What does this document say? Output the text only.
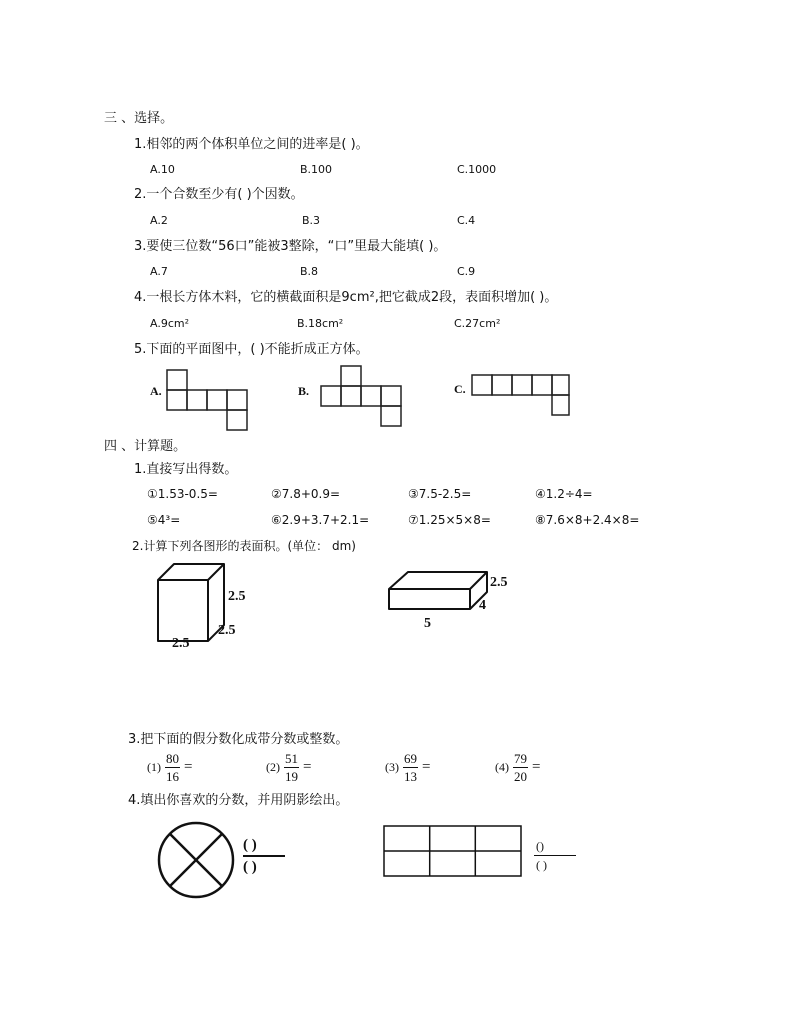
三 、选择。
1.相邻的两个体积单位之间的进率是( )。
A.10	B.100	C.1000
2.一个合数至少有( )个因数。
A.2	B.3	C.4
3.要使三位数“56口”能被3整除，“口”里最大能填( )。
A.7	B.8	C.9
4.一根长方体木料，它的横截面积是9cm²,把它截成2段，表面积增加( )。
A.9cm²	B.18cm²	C.27cm²
5.下面的平面图中，( )不能折成正方体。
A.	B.	C.
四 、计算题。
1.直接写出得数。
①1.53-0.5=	②7.8+0.9=	③7.5-2.5=	④1.2÷4=
⑤4³=	⑥2.9+3.7+2.1=	⑦1.25×5×8=	⑧7.6×8+2.4×8=
2.计算下列各图形的表面积。(单位： dm)
2.5
2.5
2.5
2.5
4
5
3.把下面的假分数化成带分数或整数。
$(1) \frac{80}{16}$ =	$(2) \frac{51}{19}$ =	$(3) \frac{69}{13}$ =	$(4) \frac{79}{20}$ =
4.填出你喜欢的分数，并用阴影绘出。
( )
( )
()
( )
